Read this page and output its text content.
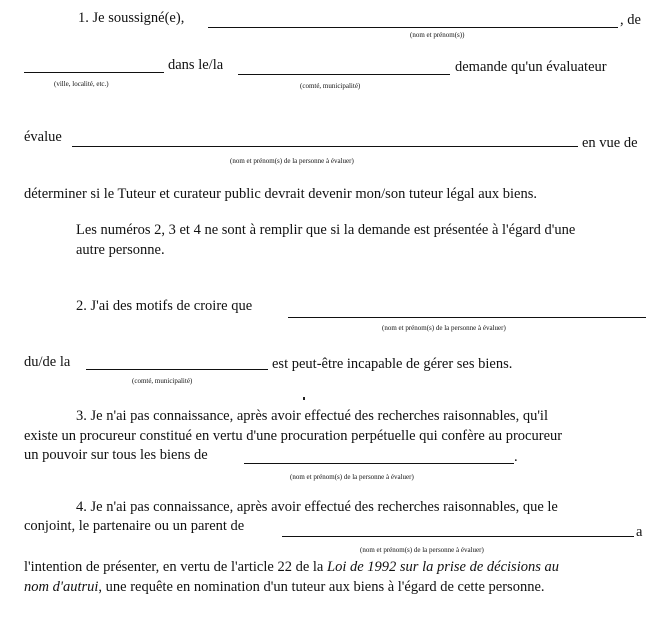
1. Je soussigné(e),	, de
(nom et prénom(s))
dans le/la	demande qu'un évaluateur
(ville, localité, etc.)	(comté, municipalité)
évalue	en vue de
(nom et prénom(s) de la personne à évaluer)
déterminer si le Tuteur et curateur public devrait devenir mon/son tuteur légal aux biens.
Les numéros 2, 3 et 4 ne sont à remplir que si la demande est présentée à l'égard d'une
autre personne.
2. J'ai des motifs de croire que
(nom et prénom(s) de la personne à évaluer)
du/de la	est peut-être incapable de gérer ses biens.
(comté, municipalité)
3. Je n'ai pas connaissance, après avoir effectué des recherches raisonnables, qu'il
existe un procureur constitué en vertu d'une procuration perpétuelle qui confère au procureur
un pouvoir sur tous les biens de	.
(nom et prénom(s) de la personne à évaluer)
4. Je n'ai pas connaissance, après avoir effectué des recherches raisonnables, que le
conjoint, le partenaire ou un parent de	a
(nom et prénom(s) de la personne à évaluer)
l'intention de présenter, en vertu de l'article 22 de la Loi de 1992 sur la prise de décisions au
nom d'autrui, une requête en nomination d'un tuteur aux biens à l'égard de cette personne.
